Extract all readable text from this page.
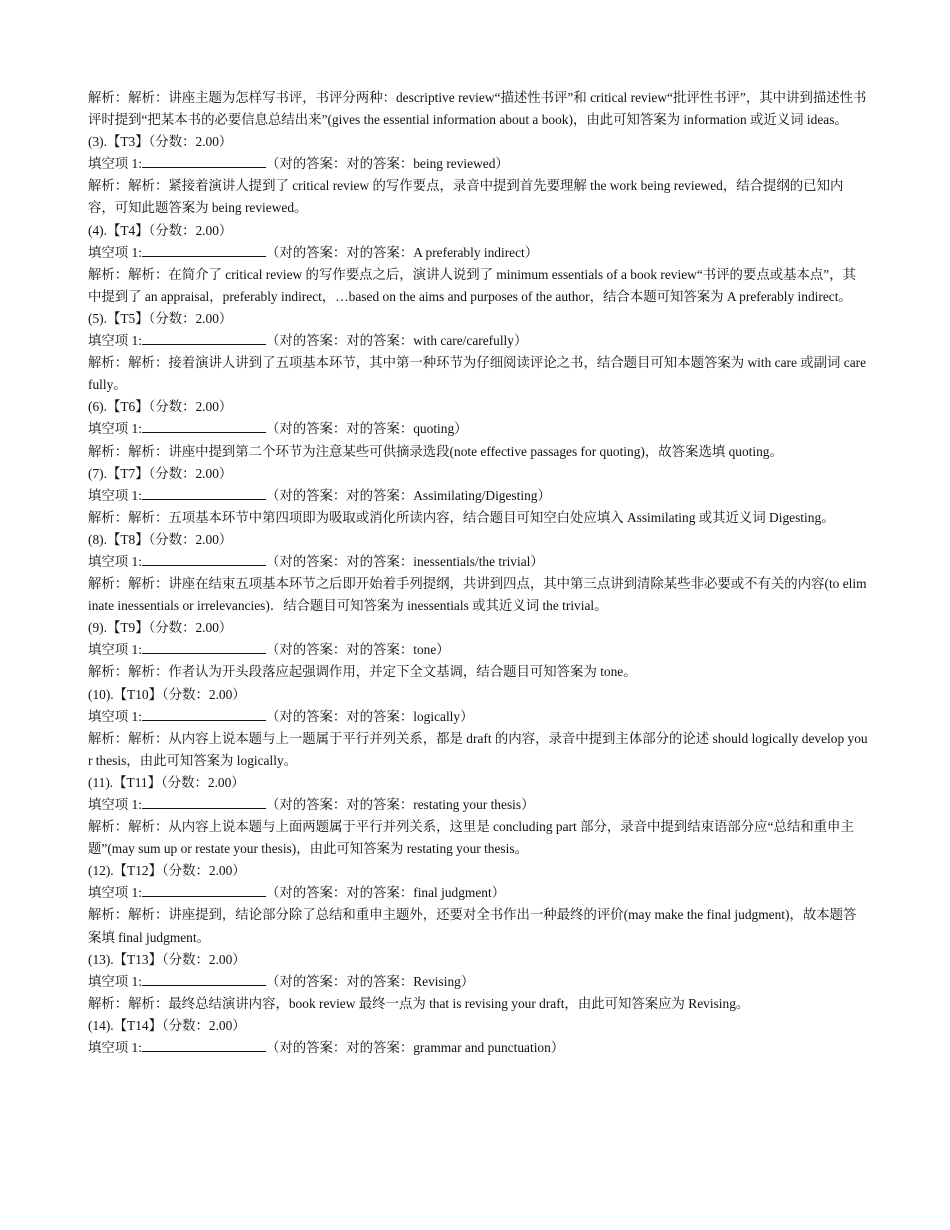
解析：解析：讲座主题为怎样写书评，书评分两种：descriptive review“描述性书评”和 critical review“批评性书评”，其中讲到描述性书评时提到“把某本书的必要信息总结出来”(gives the essential information about a book)，由此可知答案为 information 或近义词 ideas。

(3).【T3】（分数：2.00）

填空项 1:	（对的答案：对的答案：being reviewed）

解析：解析：紧接着演讲人提到了 critical review 的写作要点，录音中提到首先要理解 the work being reviewed，结合提纲的已知内容，可知此题答案为 being reviewed。

(4).【T4】（分数：2.00）

填空项 1:	（对的答案：对的答案：A preferably indirect）

解析：解析：在简介了 critical review 的写作要点之后，演讲人说到了 minimum essentials of a book review“书评的要点或基本点”，其中提到了 an appraisal，preferably indirect，…based on the aims and purposes of the author，结合本题可知答案为 A preferably indirect。

(5).【T5】（分数：2.00）

填空项 1:	（对的答案：对的答案：with care/carefully）

解析：解析：接着演讲人讲到了五项基本环节，其中第一种环节为仔细阅读评论之书，结合题目可知本题答案为 with care 或副词 carefully。

(6).【T6】（分数：2.00）

填空项 1:	（对的答案：对的答案：quoting）

解析：解析：讲座中提到第二个环节为注意某些可供摘录选段(note effective passages for quoting)，故答案选填 quoting。

(7).【T7】（分数：2.00）

填空项 1:	（对的答案：对的答案：Assimilating/Digesting）

解析：解析：五项基本环节中第四项即为吸取或消化所读内容，结合题目可知空白处应填入 Assimilating 或其近义词 Digesting。

(8).【T8】（分数：2.00）

填空项 1:	（对的答案：对的答案：inessentials/the trivial）

解析：解析：讲座在结束五项基本环节之后即开始着手列提纲，共讲到四点，其中第三点讲到清除某些非必要或不有关的内容(to eliminate inessentials or irrelevancies)．结合题目可知答案为 inessentials 或其近义词 the trivial。

(9).【T9】（分数：2.00）

填空项 1:	（对的答案：对的答案：tone）

解析：解析：作者认为开头段落应起强调作用，并定下全文基调，结合题目可知答案为 tone。

(10).【T10】（分数：2.00）

填空项 1:	（对的答案：对的答案：logically）

解析：解析：从内容上说本题与上一题属于平行并列关系，都是 draft 的内容，录音中提到主体部分的论述 should logically develop your thesis，由此可知答案为 logically。

(11).【T11】（分数：2.00）

填空项 1:	（对的答案：对的答案：restating your thesis）

解析：解析：从内容上说本题与上面两题属于平行并列关系，这里是 concluding part 部分，录音中提到结束语部分应“总结和重申主题”(may sum up or restate your thesis)，由此可知答案为 restating your thesis。

(12).【T12】（分数：2.00）

填空项 1:	（对的答案：对的答案：final judgment）

解析：解析：讲座提到，结论部分除了总结和重申主题外，还要对全书作出一种最终的评价(may make the final judgment)，故本题答案填 final judgment。

(13).【T13】（分数：2.00）

填空项 1:	（对的答案：对的答案：Revising）

解析：解析：最终总结演讲内容，book review 最终一点为 that is revising your draft，由此可知答案应为 Revising。

(14).【T14】（分数：2.00）

填空项 1:	（对的答案：对的答案：grammar and punctuation）
